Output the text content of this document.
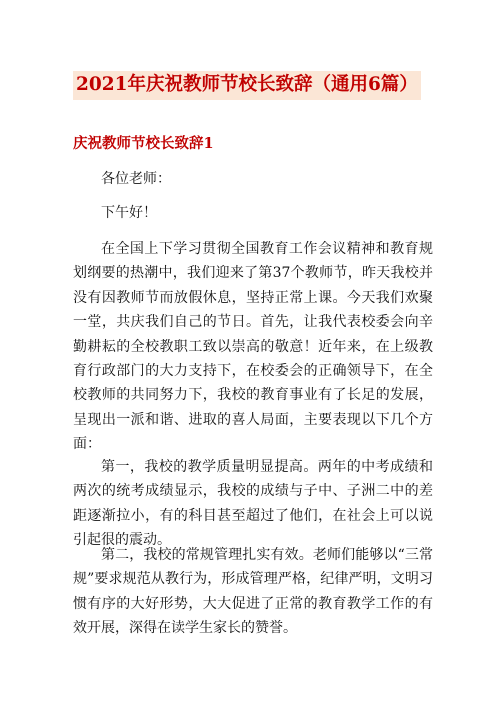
2021年庆祝教师节校长致辞（通用6篇）
庆祝教师节校长致辞1

各位老师：

下午好！

在全国上下学习贯彻全国教育工作会议精神和教育规划纲要的热潮中，我们迎来了第37个教师节，昨天我校并没有因教师节而放假休息，坚持正常上课。今天我们欢聚一堂，共庆我们自己的节日。首先，让我代表校委会向辛勤耕耘的全校教职工致以崇高的敬意！近年来，在上级教育行政部门的大力支持下，在校委会的正确领导下，在全校教师的共同努力下，我校的教育事业有了长足的发展，呈现出一派和谐、进取的喜人局面，主要表现以下几个方面：

第一，我校的教学质量明显提高。两年的中考成绩和两次的统考成绩显示，我校的成绩与子中、子洲二中的差距逐渐拉小，有的科目甚至超过了他们，在社会上可以说引起很的震动。

第二，我校的常规管理扎实有效。老师们能够以“三常规”要求规范从教行为，形成管理严格，纪律严明，文明习惯有序的大好形势，大大促进了正常的教育教学工作的有效开展，深得在读学生家长的赞誉。
